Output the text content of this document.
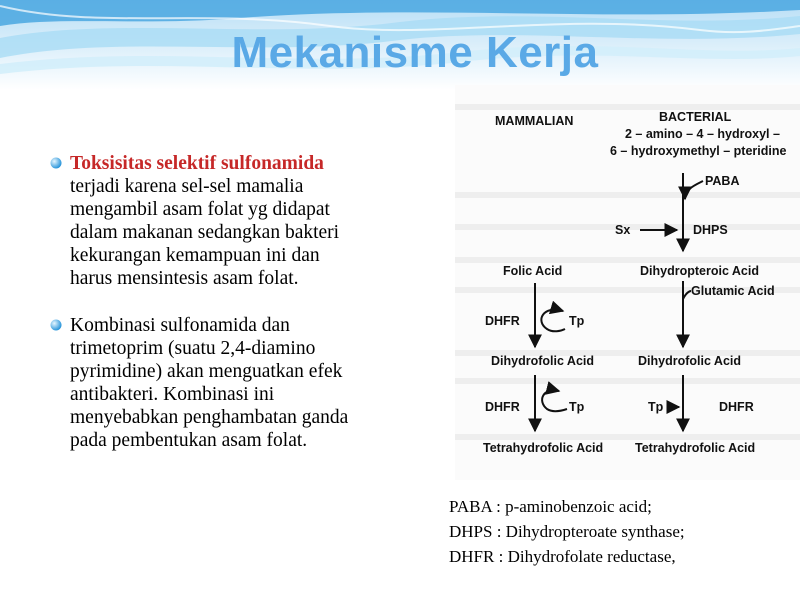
Mekanisme Kerja
Toksisitas selektif sulfonamida
terjadi karena sel-sel mamalia
mengambil asam folat yg didapat
dalam makanan sedangkan bakteri
kekurangan kemampuan ini dan
harus mensintesis asam folat.
Kombinasi sulfonamida dan
trimetoprim (suatu 2,4-diamino
pyrimidine) akan menguatkan efek
antibakteri. Kombinasi ini
menyebabkan penghambatan ganda
pada pembentukan asam folat.
MAMMALIAN	BACTERIAL
2 – amino – 4 – hydroxyl –
6 – hydroxymethyl – pteridine
PABA
Sx	DHPS
Dihydropteroic Acid
Glutamic Acid
Dihydrofolic Acid
Tp	DHFR
Tetrahydrofolic Acid
Folic Acid
DHFR	Tp
Dihydrofolic Acid
DHFR	Tp
Tetrahydrofolic Acid
PABA : p-aminobenzoic acid;
DHPS : Dihydropteroate synthase;
DHFR : Dihydrofolate reductase,
